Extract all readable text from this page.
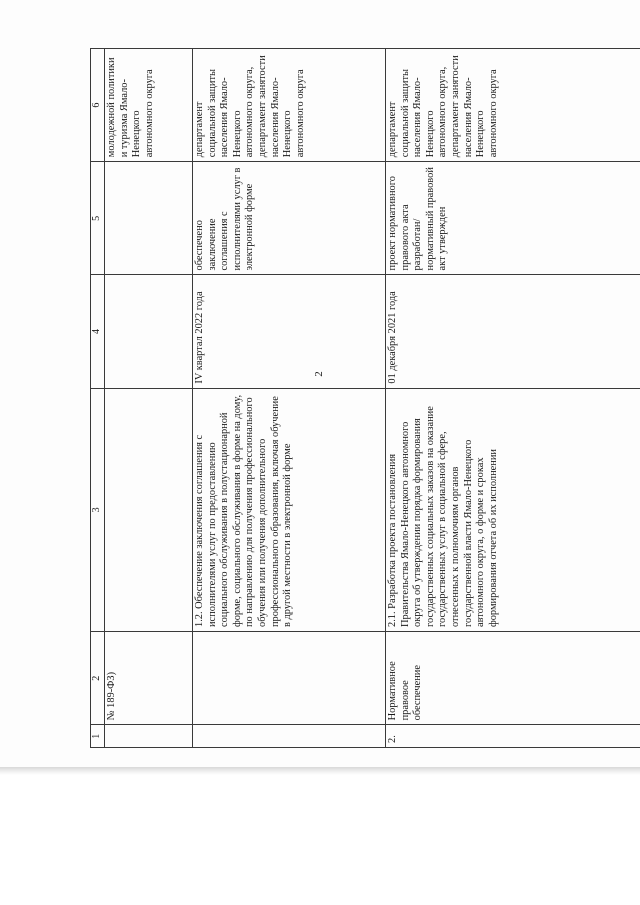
2
1	2	3	4	5	6
	№ 189-ФЗ)				молодежной политики и туризма Ямало-Ненецкого автономного округа
		1.2. Обеспечение заключения соглашения с исполнителями услуг по предоставлению социального обслуживания в полустационарной форме, социального обслуживания в форме на дому, по направлению для получения профессионального обучения или получения дополнительного профессионального образования, включая обучение в другой местности в электронной форме	IV квартал 2022 года	обеспечено заключение соглашения с исполнителями услуг в электронной форме	департамент социальной защиты населения Ямало-Ненецкого автономного округа, департамент занятости населения Ямало-Ненецкого автономного округа
2.	Нормативное правовое обеспечение	2.1. Разработка проекта постановления Правительства Ямало-Ненецкого автономного округа об утверждении порядка формирования государственных социальных заказов на оказание государственных услуг в социальной сфере, отнесенных к полномочиям органов государственной власти Ямало-Ненецкого автономного округа, о форме и сроках формирования отчета об их исполнении	01 декабря 2021 года	проект нормативного правового акта разработан/ нормативный правовой акт утвержден	департамент социальной защиты населения Ямало-Ненецкого автономного округа, департамент занятости населения Ямало-Ненецкого автономного округа
